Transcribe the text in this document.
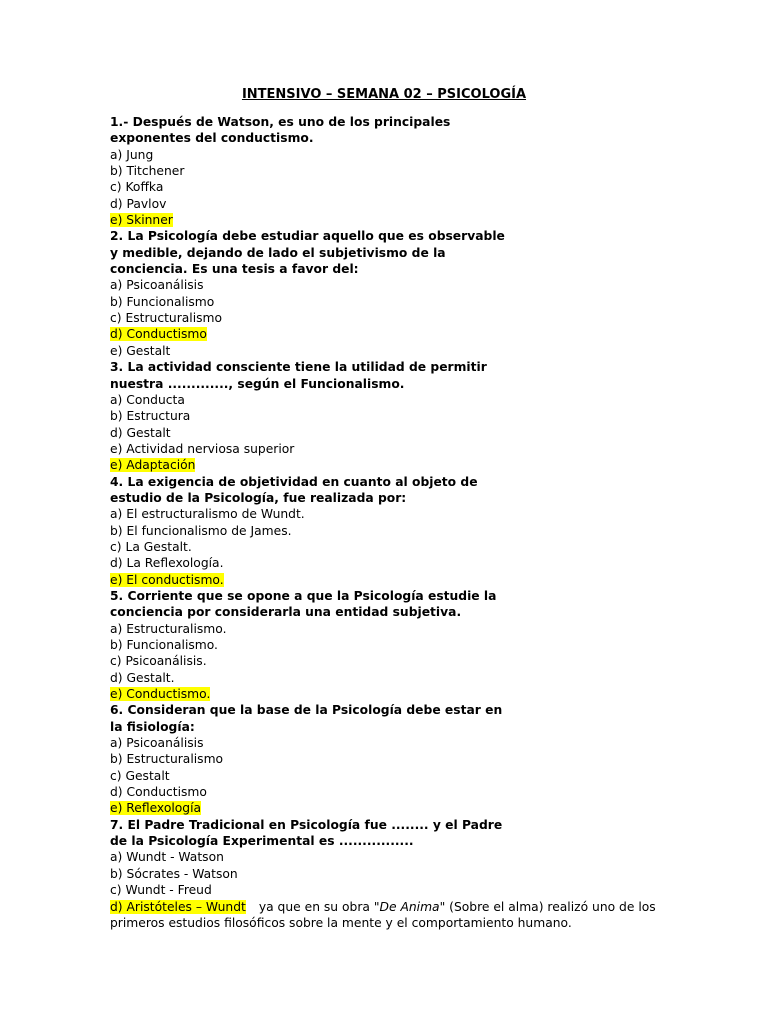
INTENSIVO – SEMANA 02 – PSICOLOGÍA
1.- Después de Watson, es uno de los principales
exponentes del conductismo.
a) Jung
b) Titchener
c) Koffka
d) Pavlov
e) Skinner
2. La Psicología debe estudiar aquello que es observable
y medible, dejando de lado el subjetivismo de la
conciencia. Es una tesis a favor del:
a) Psicoanálisis
b) Funcionalismo
c) Estructuralismo
d) Conductismo
e) Gestalt
3. La actividad consciente tiene la utilidad de permitir
nuestra ............., según el Funcionalismo.
a) Conducta
b) Estructura
d) Gestalt
e) Actividad nerviosa superior
e) Adaptación
4. La exigencia de objetividad en cuanto al objeto de
estudio de la Psicología, fue realizada por:
a) El estructuralismo de Wundt.
b) El funcionalismo de James.
c) La Gestalt.
d) La Reflexología.
e) El conductismo.
5. Corriente que se opone a que la Psicología estudie la
conciencia por considerarla una entidad subjetiva.
a) Estructuralismo.
b) Funcionalismo.
c) Psicoanálisis.
d) Gestalt.
e) Conductismo.
6. Consideran que la base de la Psicología debe estar en
la fisiología:
a) Psicoanálisis
b) Estructuralismo
c) Gestalt
d) Conductismo
e) Reflexología
7. El Padre Tradicional en Psicología fue ........ y el Padre
de la Psicología Experimental es ................
a) Wundt - Watson
b) Sócrates - Watson
c) Wundt - Freud
d) Aristóteles – Wundt ya que en su obra "De Anima" (Sobre el alma) realizó uno de los
primeros estudios filosóficos sobre la mente y el comportamiento humano.
